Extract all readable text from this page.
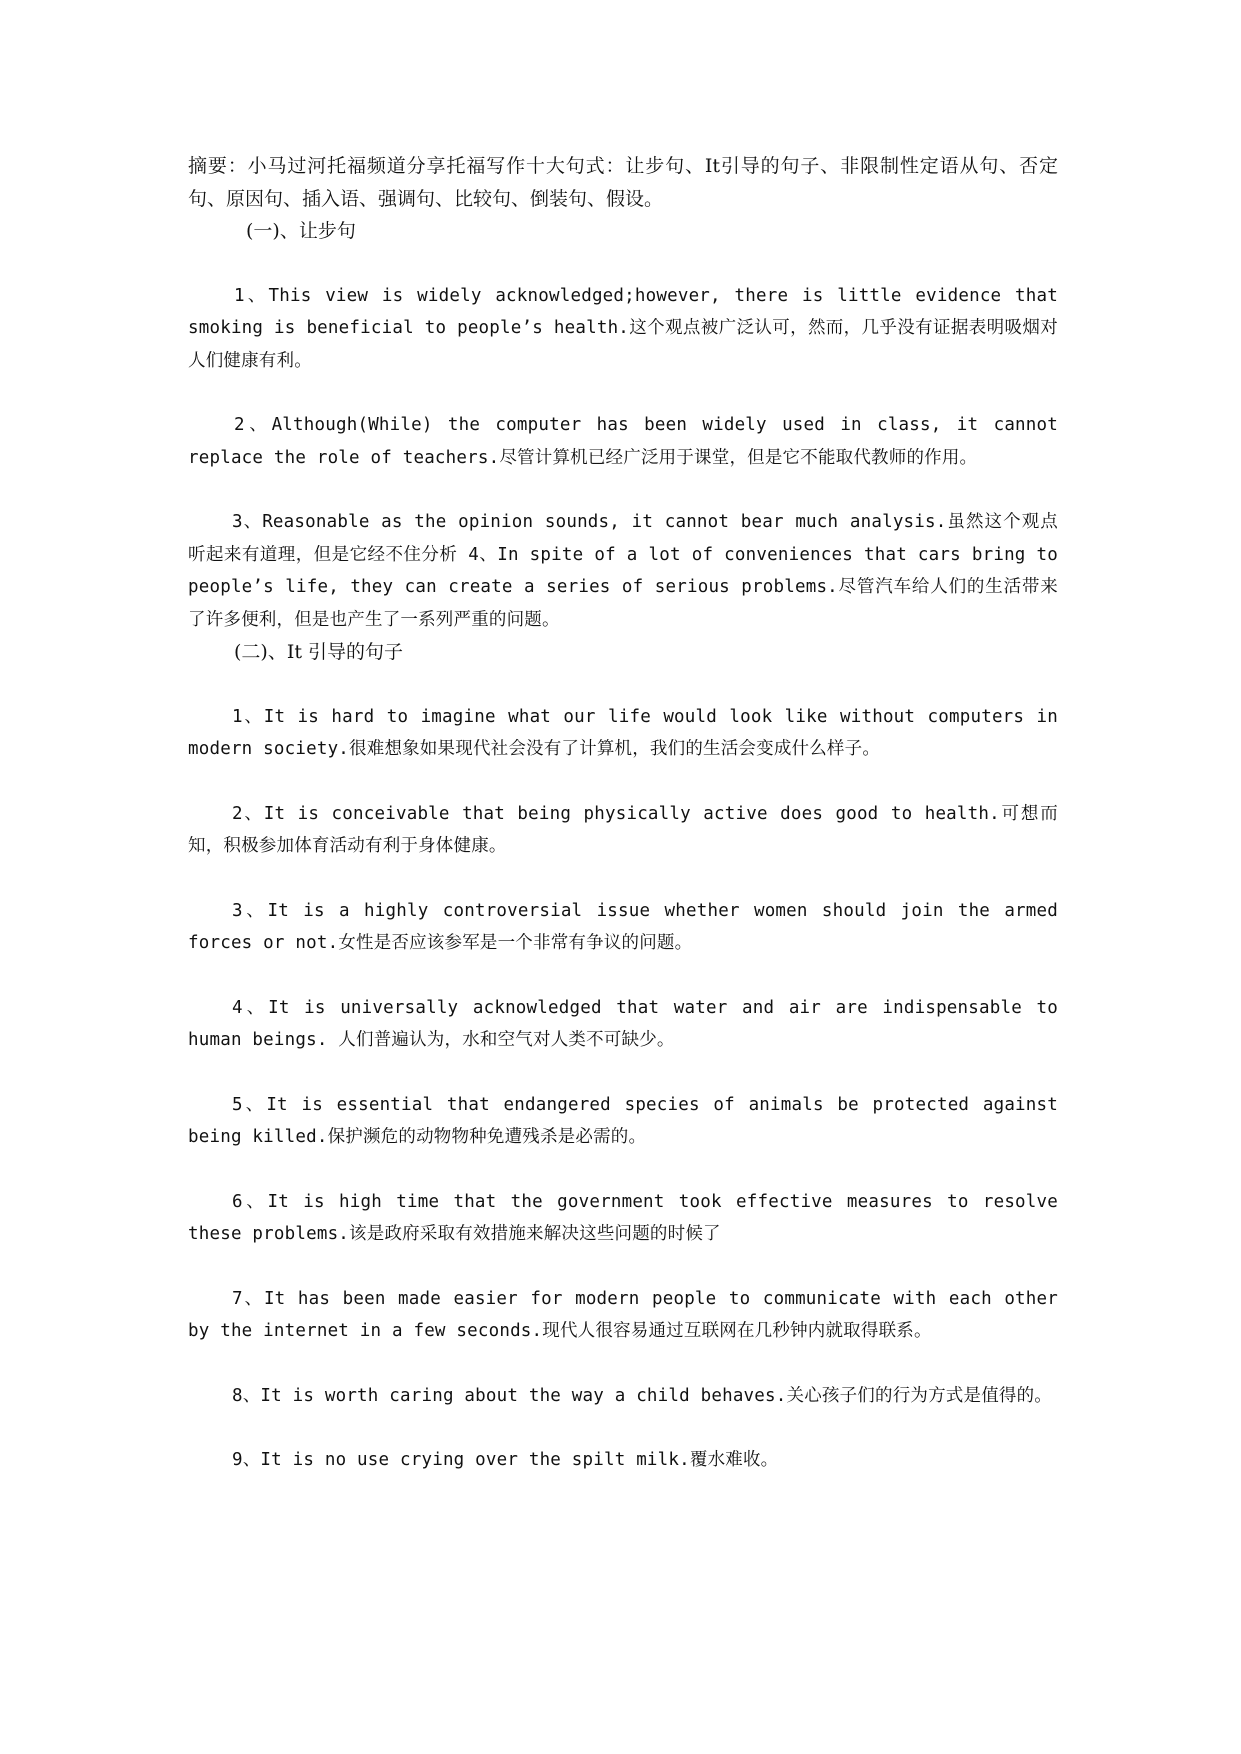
摘要：小马过河托福频道分享托福写作十大句式：让步句、It引导的句子、非限制性定语从句、否定句、原因句、插入语、强调句、比较句、倒装句、假设。

(一)、让步句

1、This view is widely acknowledged;however, there is little evidence that smoking is beneficial to people’s health.这个观点被广泛认可，然而，几乎没有证据表明吸烟对人们健康有利。

2、Although(While) the computer has been widely used in class, it cannot replace the role of teachers.尽管计算机已经广泛用于课堂，但是它不能取代教师的作用。

3、Reasonable as the opinion sounds, it cannot bear much analysis.虽然这个观点听起来有道理，但是它经不住分析 4、In spite of a lot of conveniences that cars bring to people’s life, they can create a series of serious problems.尽管汽车给人们的生活带来了许多便利，但是也产生了一系列严重的问题。

(二)、It 引导的句子

1、It is hard to imagine what our life would look like without computers in modern society.很难想象如果现代社会没有了计算机，我们的生活会变成什么样子。

2、It is conceivable that being physically active does good to health.可想而知，积极参加体育活动有利于身体健康。

3、It is a highly controversial issue whether women should join the armed forces or not.女性是否应该参军是一个非常有争议的问题。

4、It is universally acknowledged that water and air are indispensable to human beings. 人们普遍认为，水和空气对人类不可缺少。

5、It is essential that endangered species of animals be protected against being killed.保护濒危的动物物种免遭残杀是必需的。

6、It is high time that the government took effective measures to resolve these problems.该是政府采取有效措施来解决这些问题的时候了

7、It has been made easier for modern people to communicate with each other by the internet in a few seconds.现代人很容易通过互联网在几秒钟内就取得联系。

8、It is worth caring about the way a child behaves.关心孩子们的行为方式是值得的。

9、It is no use crying over the spilt milk.覆水难收。
